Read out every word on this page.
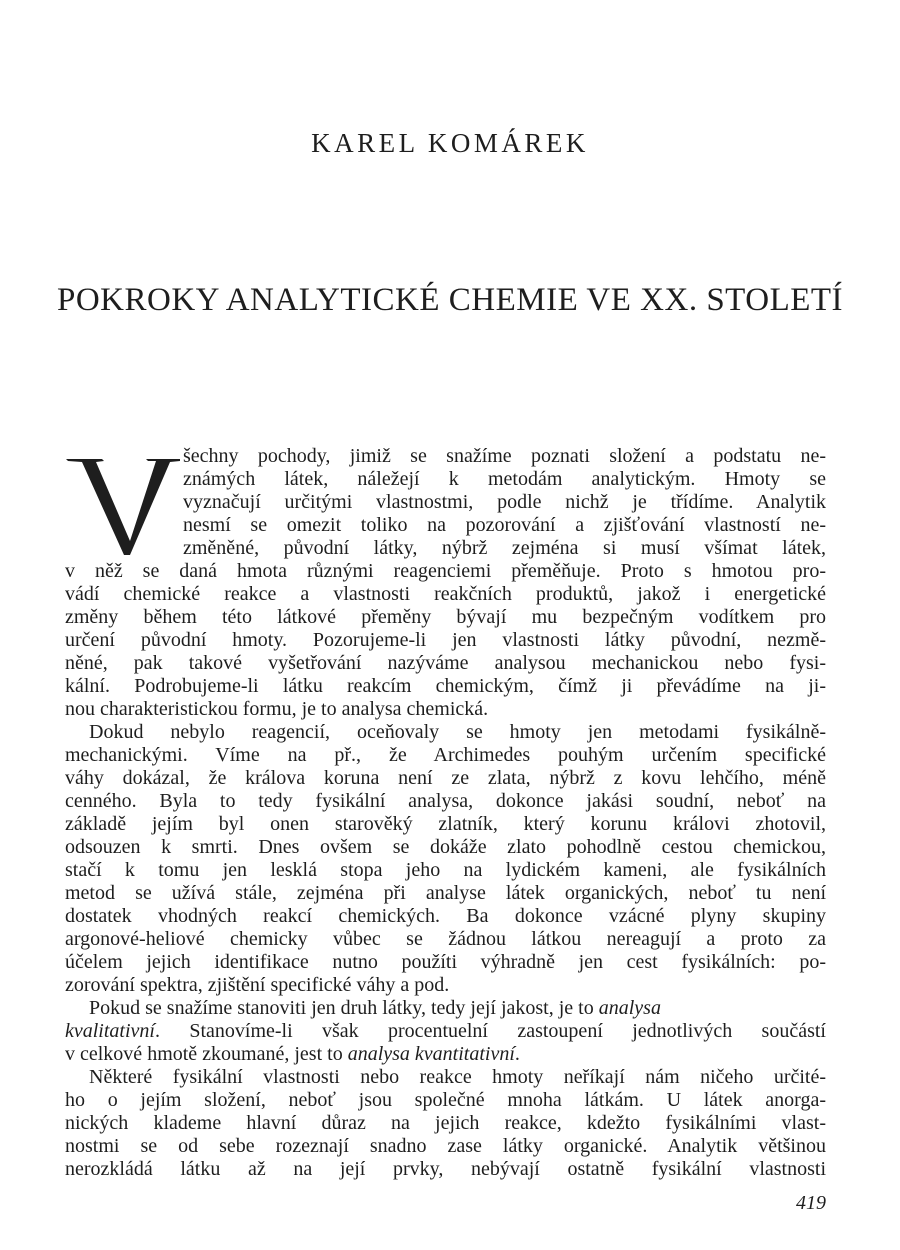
KAREL KOMÁREK
POKROKY ANALYTICKÉ CHEMIE VE XX. STOLETÍ
šechny pochody, jimiž se snažíme poznati složení a podstatu ne-
známých látek, náležejí k metodám analytickým. Hmoty se
vyznačují určitými vlastnostmi, podle nichž je třídíme. Analytik
nesmí se omezit toliko na pozorování a zjišťování vlastností ne-
změněné, původní látky, nýbrž zejména si musí všímat látek,
v něž se daná hmota různými reagenciemi přeměňuje. Proto s hmotou pro-
vádí chemické reakce a vlastnosti reakčních produktů, jakož i energetické
změny během této látkové přeměny bývají mu bezpečným vodítkem pro
určení původní hmoty. Pozorujeme-li jen vlastnosti látky původní, nezmě-
něné, pak takové vyšetřování nazýváme analysou mechanickou nebo fysi-
kální. Podrobujeme-li látku reakcím chemickým, čímž ji převádíme na ji-
nou charakteristickou formu, je to analysa chemická.
Dokud nebylo reagencií, oceňovaly se hmoty jen metodami fysikálně-
mechanickými. Víme na př., že Archimedes pouhým určením specifické
váhy dokázal, že králova koruna není ze zlata, nýbrž z kovu lehčího, méně
cenného. Byla to tedy fysikální analysa, dokonce jakási soudní, neboť na
základě jejím byl onen starověký zlatník, který korunu královi zhotovil,
odsouzen k smrti. Dnes ovšem se dokáže zlato pohodlně cestou chemickou,
stačí k tomu jen lesklá stopa jeho na lydickém kameni, ale fysikálních
metod se užívá stále, zejména při analyse látek organických, neboť tu není
dostatek vhodných reakcí chemických. Ba dokonce vzácné plyny skupiny
argonové-heliové chemicky vůbec se žádnou látkou nereagují a proto za
účelem jejich identifikace nutno použíti výhradně jen cest fysikálních: po-
zorování spektra, zjištění specifické váhy a pod.
Pokud se snažíme stanoviti jen druh látky, tedy její jakost, je to analysa
kvalitativní. Stanovíme-li však procentuelní zastoupení jednotlivých součástí
v celkové hmotě zkoumané, jest to analysa kvantitativní.
Některé fysikální vlastnosti nebo reakce hmoty neříkají nám ničeho určité-
ho o jejím složení, neboť jsou společné mnoha látkám. U látek anorga-
nických klademe hlavní důraz na jejich reakce, kdežto fysikálními vlast-
nostmi se od sebe rozeznají snadno zase látky organické. Analytik většinou
nerozkládá látku až na její prvky, nebývají ostatně fysikální vlastnosti
419
